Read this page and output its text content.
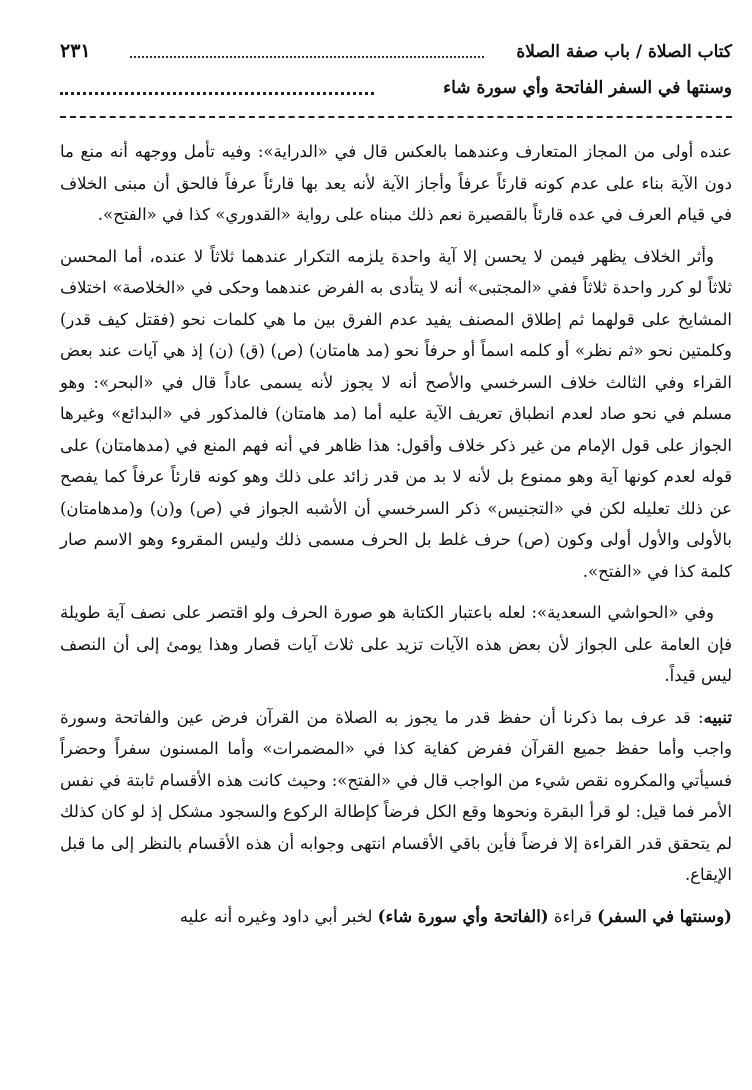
كتاب الصلاة / باب صفة الصلاة
٢٣١
وسنتها في السفر الفاتحة وأي سورة شاء

عنده أولى من المجاز المتعارف وعندهما بالعكس قال في «الدراية»: وفيه تأمل ووجهه أنه منع ما دون الآية بناء على عدم كونه قارئاً عرفاً وأجاز الآية لأنه يعد بها قارئاً عرفاً فالحق أن مبنى الخلاف في قيام العرف في عده قارئاً بالقصيرة نعم ذلك مبناه على رواية «القدوري» كذا في «الفتح».

وأثر الخلاف يظهر فيمن لا يحسن إلا آية واحدة يلزمه التكرار عندهما ثلاثاً لا عنده، أما المحسن ثلاثاً لو كرر واحدة ثلاثاً ففي «المجتبى» أنه لا يتأدى به الفرض عندهما وحكى في «الخلاصة» اختلاف المشايخ على قولهما ثم إطلاق المصنف يفيد عدم الفرق بين ما هي كلمات نحو (فقتل كيف قدر) وكلمتين نحو «ثم نظر» أو كلمه اسماً أو حرفاً نحو (مد هامتان) (ص) (ق) (ن) إذ هي آيات عند بعض القراء وفي الثالث خلاف السرخسي والأصح أنه لا يجوز لأنه يسمى عاداً قال في «البحر»: وهو مسلم في نحو صاد لعدم انطباق تعريف الآية عليه أما (مد هامتان) فالمذكور في «البدائع» وغيرها الجواز على قول الإمام من غير ذكر خلاف وأقول: هذا ظاهر في أنه فهم المنع في (مدهامتان) على قوله لعدم كونها آية وهو ممنوع بل لأنه لا بد من قدر زائد على ذلك وهو كونه قارئاً عرفاً كما يفصح عن ذلك تعليله لكن في «التجنيس» ذكر السرخسي أن الأشبه الجواز في (ص) و(ن) و(مدهامتان) بالأولى والأول أولى وكون (ص) حرف غلط بل الحرف مسمى ذلك وليس المقروء وهو الاسم صار كلمة كذا في «الفتح».

وفي «الحواشي السعدية»: لعله باعتبار الكتابة هو صورة الحرف ولو اقتصر على نصف آية طويلة فإن العامة على الجواز لأن بعض هذه الآيات تزيد على ثلاث آيات قصار وهذا يومئ إلى أن النصف ليس قيداً.

تنبيه: قد عرف بما ذكرنا أن حفظ قدر ما يجوز به الصلاة من القرآن فرض عين والفاتحة وسورة واجب وأما حفظ جميع القرآن ففرض كفاية كذا في «المضمرات» وأما المسنون سفراً وحضراً فسيأتي والمكروه نقص شيء من الواجب قال في «الفتح»: وحيث كانت هذه الأقسام ثابتة في نفس الأمر فما قيل: لو قرأ البقرة ونحوها وقع الكل فرضاً كإطالة الركوع والسجود مشكل إذ لو كان كذلك لم يتحقق قدر القراءة إلا فرضاً فأين باقي الأقسام انتهى وجوابه أن هذه الأقسام بالنظر إلى ما قبل الإيقاع.

(وسنتها في السفر) قراءة (الفاتحة وأي سورة شاء) لخبر أبي داود وغيره أنه عليه
